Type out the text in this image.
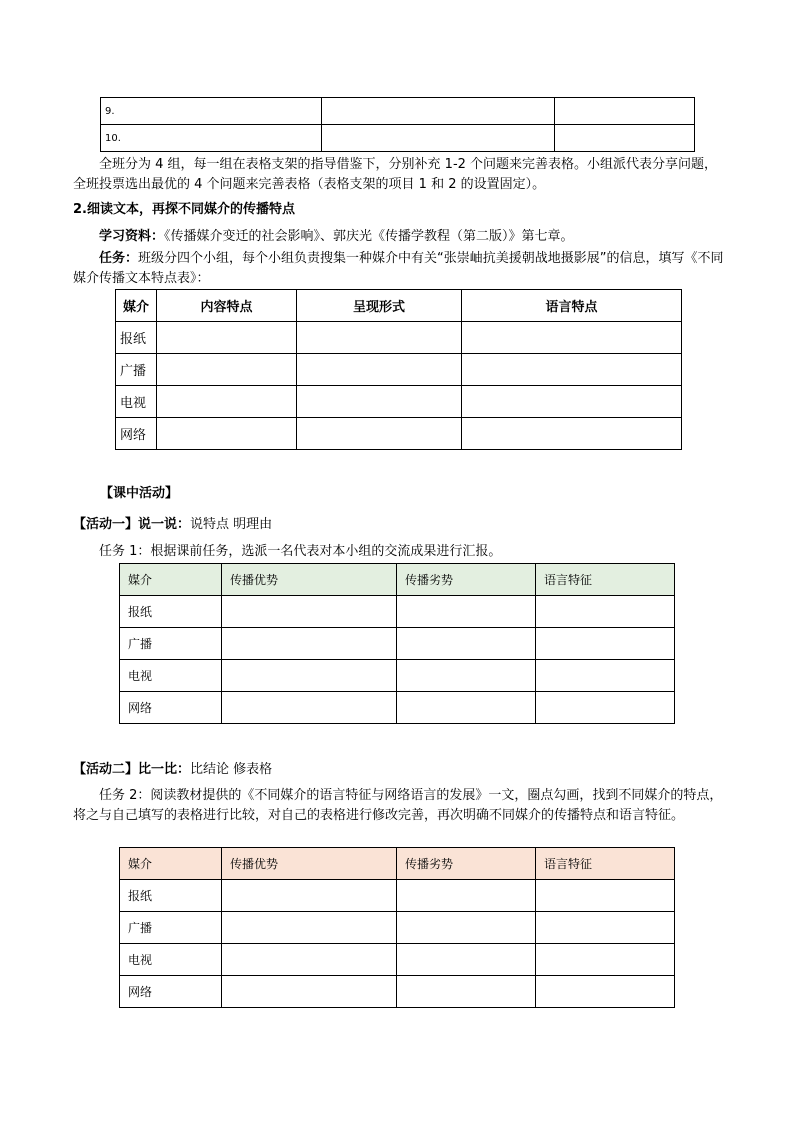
9.		
10.		

全班分为 4 组，每一组在表格支架的指导借鉴下，分别补充 1-2 个问题来完善表格。小组派代表分享问题，全班投票选出最优的 4 个问题来完善表格（表格支架的项目 1 和 2 的设置固定）。

2.细读文本，再探不同媒介的传播特点

学习资料：《传播媒介变迁的社会影响》、郭庆光《传播学教程（第二版）》第七章。

任务：班级分四个小组，每个小组负责搜集一种媒介中有关“张崇岫抗美援朝战地摄影展”的信息，填写《不同媒介传播文本特点表》：

媒介	内容特点	呈现形式	语言特点
报纸			
广播			
电视			
网络			

【课中活动】

【活动一】说一说：说特点 明理由

任务 1：根据课前任务，选派一名代表对本小组的交流成果进行汇报。

媒介	传播优势	传播劣势	语言特征
报纸			
广播			
电视			
网络			

【活动二】比一比：比结论 修表格

任务 2：阅读教材提供的《不同媒介的语言特征与网络语言的发展》一文，圈点勾画，找到不同媒介的特点，将之与自己填写的表格进行比较，对自己的表格进行修改完善，再次明确不同媒介的传播特点和语言特征。

媒介	传播优势	传播劣势	语言特征
报纸			
广播			
电视			
网络			
